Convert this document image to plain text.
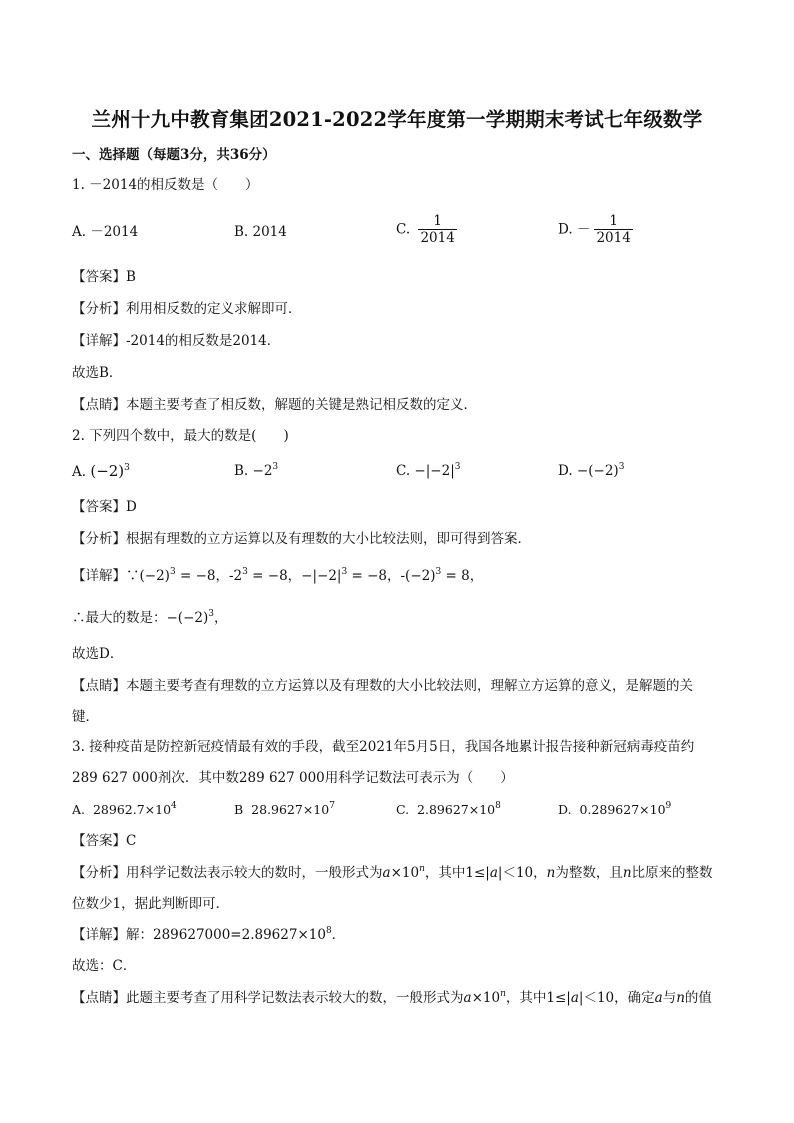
兰州十九中教育集团2021-2022学年度第一学期期末考试七年级数学
一、选择题（每题3分，共36分）
1. －2014的相反数是（　　）
A. －2014	B. 2014	C. $\frac{1}{2014}$	D. － $\frac{1}{2014}$
【答案】B
【分析】利用相反数的定义求解即可．
【详解】-2014的相反数是2014．
故选B．
【点睛】本题主要考查了相反数，解题的关键是熟记相反数的定义．
2. 下列四个数中，最大的数是(　　)
A. $(-2)^3$	B. $-2^3$	C. $-|-2|^3$	D. $-(-2)^3$
【答案】D
【分析】根据有理数的立方运算以及有理数的大小比较法则，即可得到答案．
【详解】$\because(-2)^3 = -8$，$-2^3 = -8$，$-|-2|^3 = -8$，$-(-2)^3 = 8$，
∴最大的数是：$-(-2)^3$，
故选D．
【点睛】本题主要考查有理数的立方运算以及有理数的大小比较法则，理解立方运算的意义，是解题的关
键．
3. 接种疫苗是防控新冠疫情最有效的手段，截至2021年5月5日，我国各地累计报告接种新冠病毒疫苗约
289 627 000剂次．其中数289 627 000用科学记数法可表示为（　　）
A.  $28962.7\times 10^4$	B  $28.9627\times 10^7$	C.  $2.89627\times 10^8$	D.  $0.289627\times 10^9$
【答案】C
【分析】用科学记数法表示较大的数时，一般形式为$a\times 10^n$，其中1≤|a|＜10，n为整数，且n比原来的整数
位数少1，据此判断即可．
【详解】解：$289627000=2.89627\times 10^8$．
故选：C．
【点睛】此题主要考查了用科学记数法表示较大的数，一般形式为$a\times 10^n$，其中1≤|a|＜10，确定a与n的值
